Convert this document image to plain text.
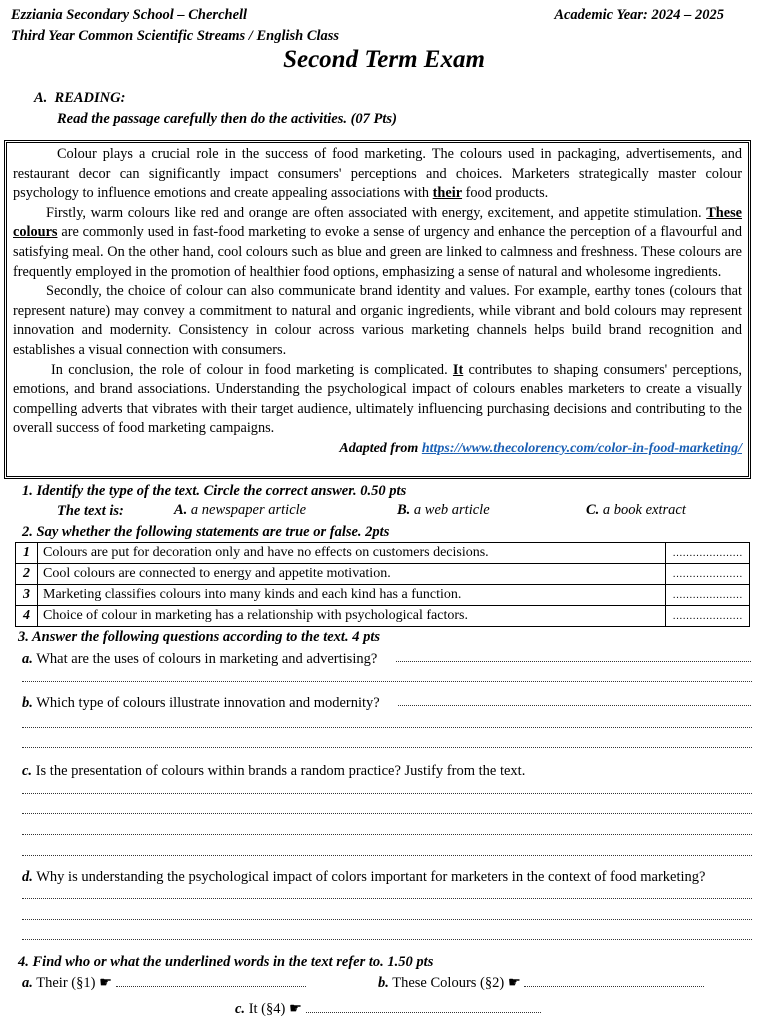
Ezziania Secondary School – Cherchell	Academic Year: 2024 – 2025
Third Year Common Scientific Streams / English Class
Second Term Exam
A. READING:
Read the passage carefully then do the activities. (07 Pts)

Colour plays a crucial role in the success of food marketing. The colours used in packaging, advertisements, and restaurant decor can significantly impact consumers' perceptions and choices. Marketers strategically master colour psychology to influence emotions and create appealing associations with their food products.

Firstly, warm colours like red and orange are often associated with energy, excitement, and appetite stimulation. These colours are commonly used in fast-food marketing to evoke a sense of urgency and enhance the perception of a flavourful and satisfying meal. On the other hand, cool colours such as blue and green are linked to calmness and freshness. These colours are frequently employed in the promotion of healthier food options, emphasizing a sense of natural and wholesome ingredients.

Secondly, the choice of colour can also communicate brand identity and values. For example, earthy tones (colours that represent nature) may convey a commitment to natural and organic ingredients, while vibrant and bold colours may represent innovation and modernity. Consistency in colour across various marketing channels helps build brand recognition and establishes a visual connection with consumers.

In conclusion, the role of colour in food marketing is complicated. It contributes to shaping consumers' perceptions, emotions, and brand associations. Understanding the psychological impact of colours enables marketers to create a visually compelling adverts that vibrates with their target audience, ultimately influencing purchasing decisions and contributing to the overall success of food marketing campaigns.

Adapted from https://www.thecolorency.com/color-in-food-marketing/
1. Identify the type of the text. Circle the correct answer. 0.50 pts
The text is:	A. a newspaper article	B. a web article	C. a book extract
2. Say whether the following statements are true or false. 2pts
1	Colours are put for decoration only and have no effects on customers decisions.	…………………
2	Cool colours are connected to energy and appetite motivation.	…………………
3	Marketing classifies colours into many kinds and each kind has a function.	…………………
4	Choice of colour in marketing has a relationship with psychological factors.	…………………
3. Answer the following questions according to the text. 4 pts
a. What are the uses of colours in marketing and advertising?
b. Which type of colours illustrate innovation and modernity?
c. Is the presentation of colours within brands a random practice? Justify from the text.
d. Why is understanding the psychological impact of colors important for marketers in the context of food marketing?
4. Find who or what the underlined words in the text refer to. 1.50 pts
a. Their (§1) ☛	b. These Colours (§2) ☛
c. It (§4) ☛
